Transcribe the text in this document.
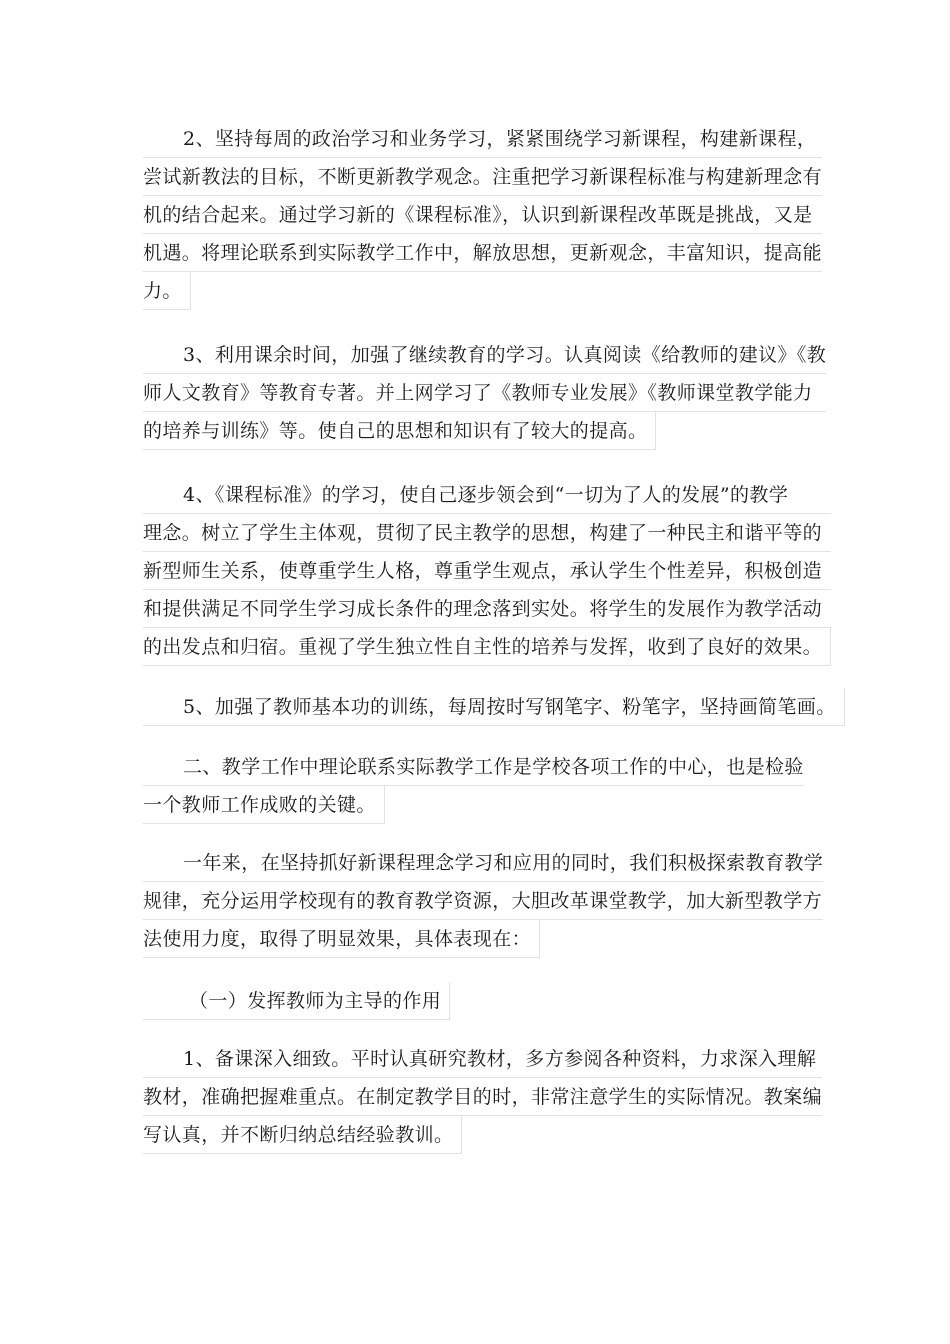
2、坚持每周的政治学习和业务学习，紧紧围绕学习新课程，构建新课程，
尝试新教法的目标，不断更新教学观念。注重把学习新课程标准与构建新理念有
机的结合起来。通过学习新的《课程标准》，认识到新课程改革既是挑战，又是
机遇。将理论联系到实际教学工作中，解放思想，更新观念，丰富知识，提高能
力。
3、利用课余时间，加强了继续教育的学习。认真阅读《给教师的建议》《教
师人文教育》等教育专著。并上网学习了《教师专业发展》《教师课堂教学能力
的培养与训练》等。使自己的思想和知识有了较大的提高。
4、《课程标准》的学习，使自己逐步领会到“一切为了人的发展”的教学
理念。树立了学生主体观，贯彻了民主教学的思想，构建了一种民主和谐平等的
新型师生关系，使尊重学生人格，尊重学生观点，承认学生个性差异，积极创造
和提供满足不同学生学习成长条件的理念落到实处。将学生的发展作为教学活动
的出发点和归宿。重视了学生独立性自主性的培养与发挥，收到了良好的效果。
5、加强了教师基本功的训练，每周按时写钢笔字、粉笔字，坚持画简笔画。
二、教学工作中理论联系实际教学工作是学校各项工作的中心，也是检验
一个教师工作成败的关键。
一年来，在坚持抓好新课程理念学习和应用的同时，我们积极探索教育教学
规律，充分运用学校现有的教育教学资源，大胆改革课堂教学，加大新型教学方
法使用力度，取得了明显效果，具体表现在：
（一）发挥教师为主导的作用
1、备课深入细致。平时认真研究教材，多方参阅各种资料，力求深入理解
教材，准确把握难重点。在制定教学目的时，非常注意学生的实际情况。教案编
写认真，并不断归纳总结经验教训。
